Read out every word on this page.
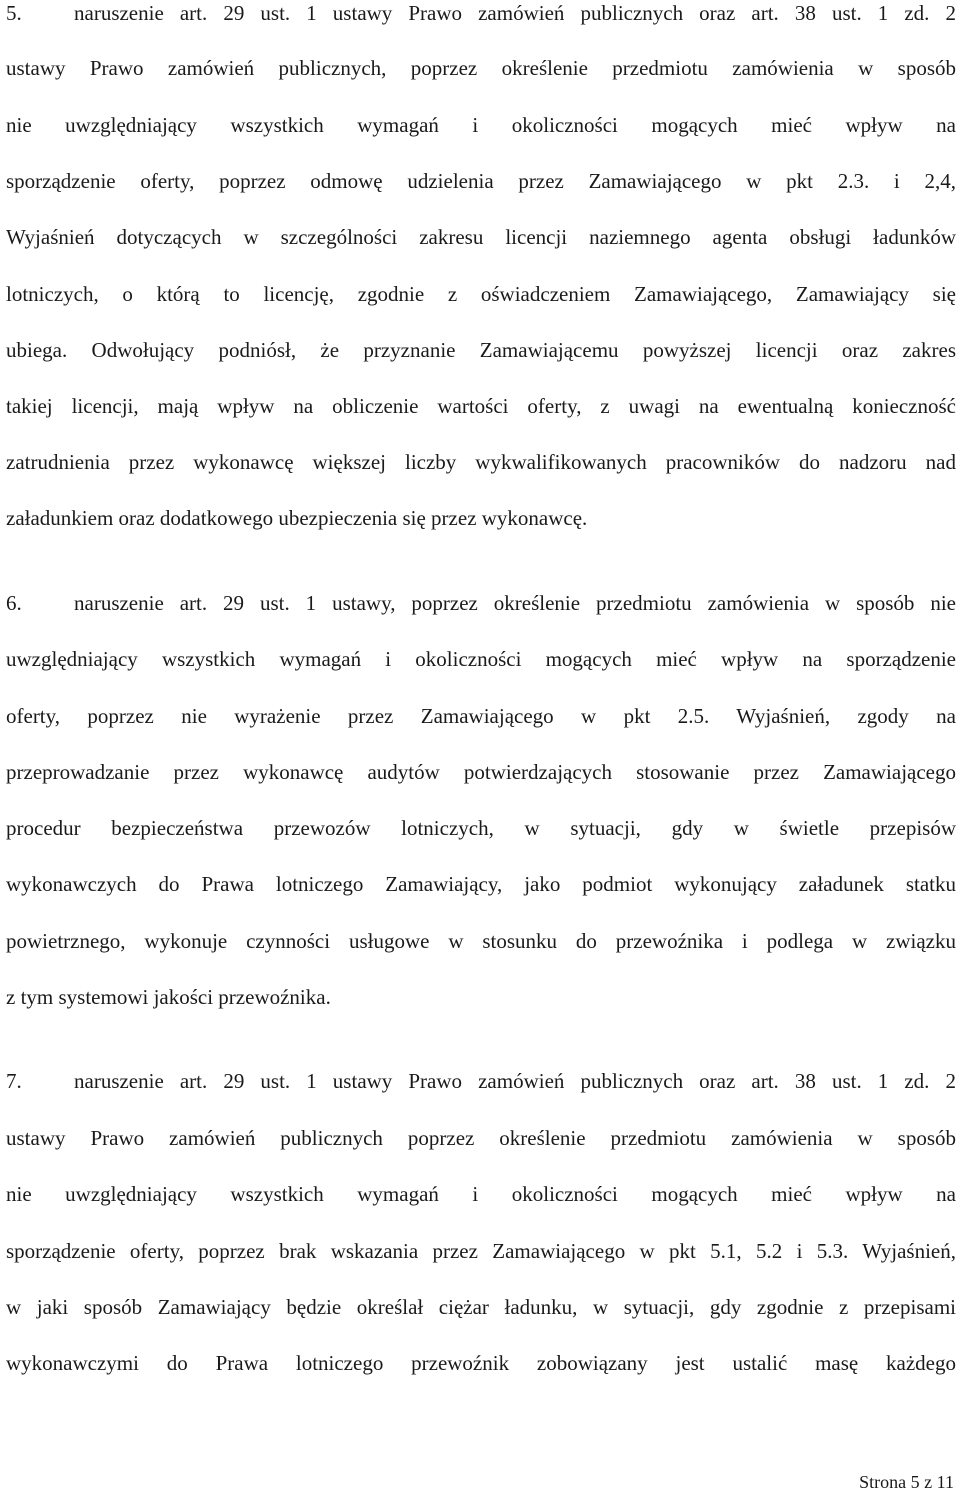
5.	naruszenie art. 29 ust. 1 ustawy Prawo zamówień publicznych oraz art. 38 ust. 1 zd. 2
ustawy Prawo zamówień publicznych, poprzez określenie przedmiotu zamówienia w sposób
nie uwzględniający wszystkich wymagań i okoliczności mogących mieć wpływ na
sporządzenie oferty, poprzez odmowę udzielenia przez Zamawiającego w pkt 2.3. i 2,4,
Wyjaśnień dotyczących w szczególności zakresu licencji naziemnego agenta obsługi ładunków
lotniczych, o którą to licencję, zgodnie z oświadczeniem Zamawiającego, Zamawiający się
ubiega. Odwołujący podniósł, że przyznanie Zamawiającemu powyższej licencji oraz zakres
takiej licencji, mają wpływ na obliczenie wartości oferty, z uwagi na ewentualną konieczność
zatrudnienia przez wykonawcę większej liczby wykwalifikowanych pracowników do nadzoru nad
załadunkiem oraz dodatkowego ubezpieczenia się przez wykonawcę.
6.	naruszenie art. 29 ust. 1 ustawy, poprzez określenie przedmiotu zamówienia w sposób nie
uwzględniający wszystkich wymagań i okoliczności mogących mieć wpływ na sporządzenie
oferty, poprzez nie wyrażenie przez Zamawiającego w pkt 2.5. Wyjaśnień, zgody na
przeprowadzanie przez wykonawcę audytów potwierdzających stosowanie przez Zamawiającego
procedur bezpieczeństwa przewozów lotniczych, w sytuacji, gdy w świetle przepisów
wykonawczych do Prawa lotniczego Zamawiający, jako podmiot wykonujący załadunek statku
powietrznego, wykonuje czynności usługowe w stosunku do przewoźnika i podlega w związku
z tym systemowi jakości przewoźnika.
7.	naruszenie art. 29 ust. 1 ustawy Prawo zamówień publicznych oraz art. 38 ust. 1 zd. 2
ustawy Prawo zamówień publicznych poprzez określenie przedmiotu zamówienia w sposób
nie uwzględniający wszystkich wymagań i okoliczności mogących mieć wpływ na
sporządzenie oferty, poprzez brak wskazania przez Zamawiającego w pkt 5.1, 5.2 i 5.3. Wyjaśnień,
w jaki sposób Zamawiający będzie określał ciężar ładunku, w sytuacji, gdy zgodnie z przepisami
wykonawczymi do Prawa lotniczego przewoźnik zobowiązany jest ustalić masę każdego
Strona 5 z 11
